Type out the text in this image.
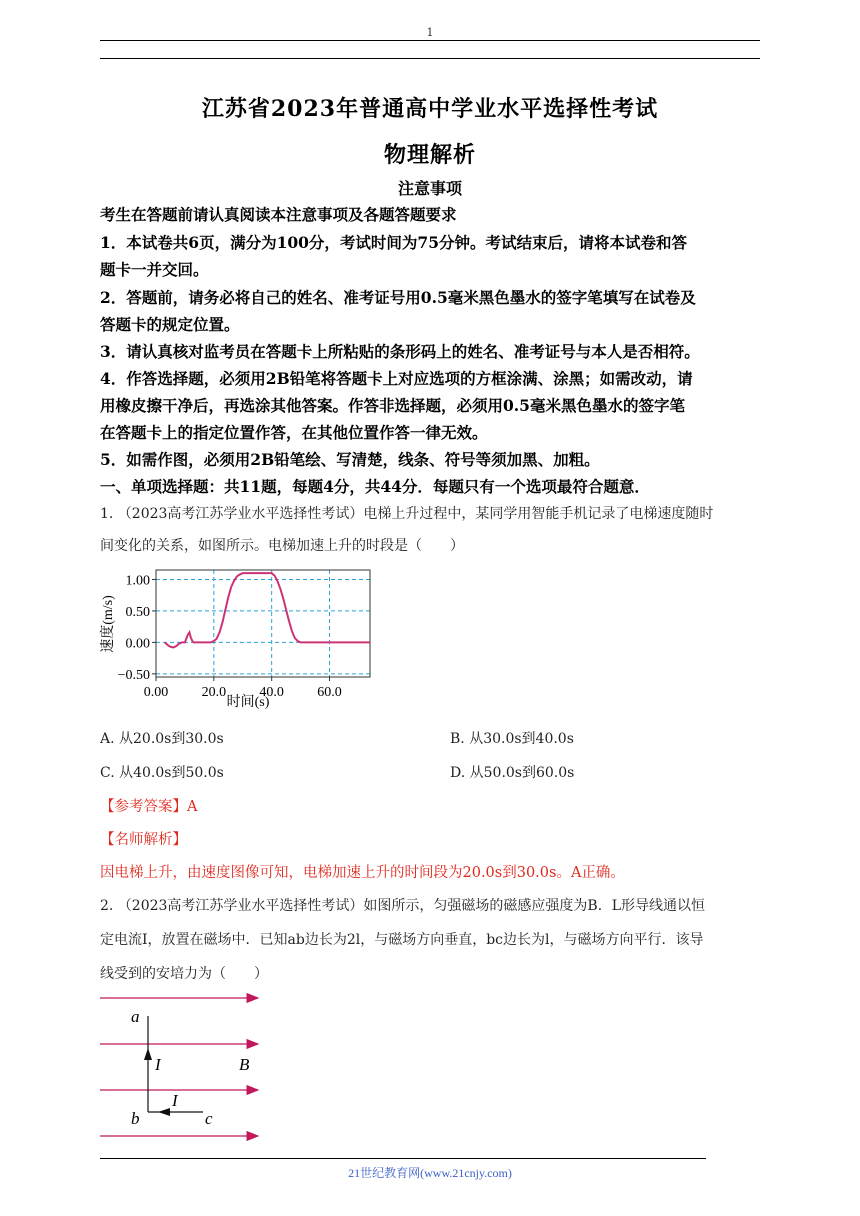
1
江苏省2023年普通高中学业水平选择性考试
物理解析
注意事项
考生在答题前请认真阅读本注意事项及各题答题要求
1．本试卷共6页，满分为100分，考试时间为75分钟。考试结束后，请将本试卷和答
题卡一并交回。
2．答题前，请务必将自己的姓名、准考证号用0.5毫米黑色墨水的签字笔填写在试卷及
答题卡的规定位置。
3．请认真核对监考员在答题卡上所粘贴的条形码上的姓名、准考证号与本人是否相符。
4．作答选择题，必须用2B铅笔将答题卡上对应选项的方框涂满、涂黑；如需改动，请
用橡皮擦干净后，再选涂其他答案。作答非选择题，必须用0.5毫米黑色墨水的签字笔
在答题卡上的指定位置作答，在其他位置作答一律无效。
5．如需作图，必须用2B铅笔绘、写清楚，线条、符号等须加黑、加粗。
一、单项选择题：共11题，每题4分，共44分．每题只有一个选项最符合题意．
1. （2023高考江苏学业水平选择性考试）电梯上升过程中，某同学用智能手机记录了电梯速度随时
间变化的关系，如图所示。电梯加速上升的时段是（　　）
1.00
0.50
0.00
−0.50
0.00 20.0 40.0 60.0
速度(m/s)
时间(s)
A. 从20.0s到30.0s	B. 从30.0s到40.0s
C. 从40.0s到50.0s	D. 从50.0s到60.0s
【参考答案】A
【名师解析】
因电梯上升，由速度图像可知，电梯加速上升的时间段为20.0s到30.0s。A正确。
2. （2023高考江苏学业水平选择性考试）如图所示，匀强磁场的磁感应强度为B．L形导线通以恒
定电流I，放置在磁场中．已知ab边长为2l，与磁场方向垂直，bc边长为l，与磁场方向平行．该导
线受到的安培力为（　　）
a
I	B
I
b	c
21世纪教育网(www.21cnjy.com)
